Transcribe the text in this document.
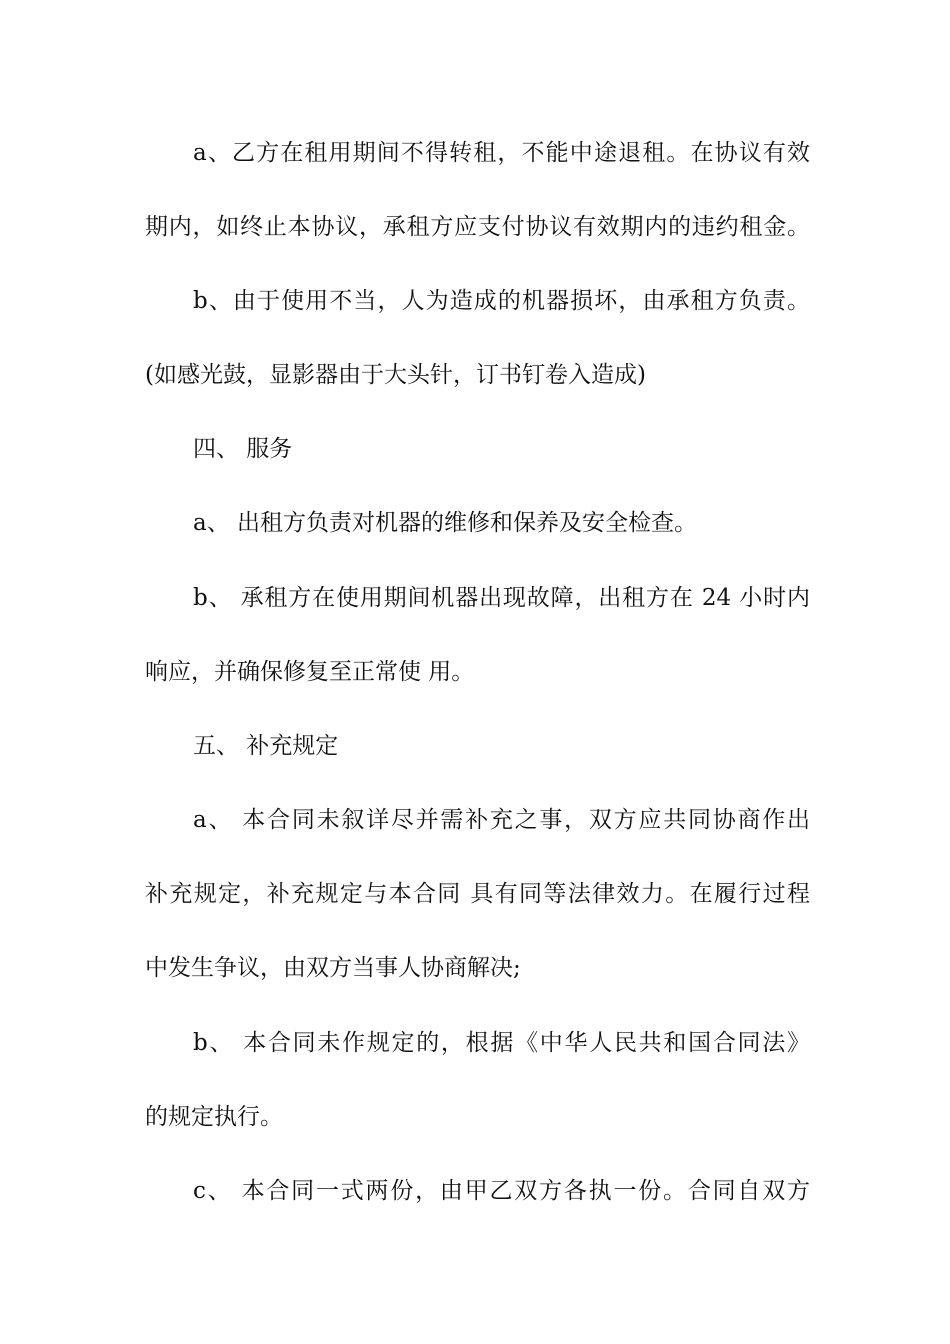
a、乙方在租用期间不得转租，不能中途退租。在协议有效
期内，如终止本协议，承租方应支付协议有效期内的违约租金。
b、由于使用不当，人为造成的机器损坏，由承租方负责。
(如感光鼓，显影器由于大头针，订书钉卷入造成)
四、 服务
a、 出租方负责对机器的维修和保养及安全检查。
b、 承租方在使用期间机器出现故障，出租方在 24 小时内
响应，并确保修复至正常使 用。
五、 补充规定
a、 本合同未叙详尽并需补充之事，双方应共同协商作出
补充规定，补充规定与本合同 具有同等法律效力。在履行过程
中发生争议，由双方当事人协商解决;
b、 本合同未作规定的，根据《中华人民共和国合同法》
的规定执行。
c、 本合同一式两份，由甲乙双方各执一份。合同自双方
